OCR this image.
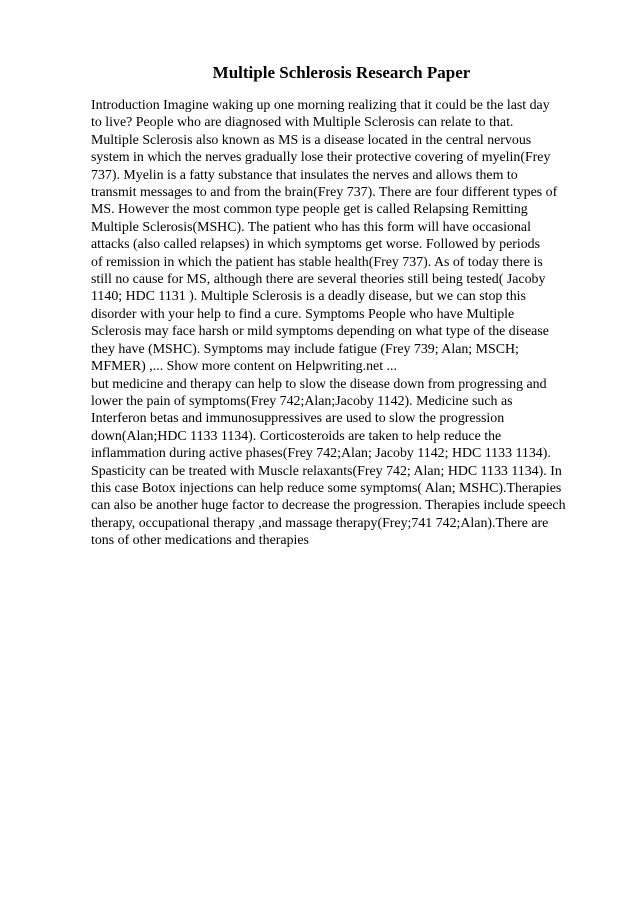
Multiple Schlerosis Research Paper
Introduction Imagine waking up one morning realizing that it could be the last day
to live? People who are diagnosed with Multiple Sclerosis can relate to that.
Multiple Sclerosis also known as MS is a disease located in the central nervous
system in which the nerves gradually lose their protective covering of myelin(Frey
737). Myelin is a fatty substance that insulates the nerves and allows them to
transmit messages to and from the brain(Frey 737). There are four different types of
MS. However the most common type people get is called Relapsing Remitting
Multiple Sclerosis(MSHC). The patient who has this form will have occasional
attacks (also called relapses) in which symptoms get worse. Followed by periods
of remission in which the patient has stable health(Frey 737). As of today there is
still no cause for MS, although there are several theories still being tested( Jacoby
1140; HDC 1131 ). Multiple Sclerosis is a deadly disease, but we can stop this
disorder with your help to find a cure. Symptoms People who have Multiple
Sclerosis may face harsh or mild symptoms depending on what type of the disease
they have (MSHC). Symptoms may include fatigue (Frey 739; Alan; MSCH;
MFMER) ,... Show more content on Helpwriting.net ...
but medicine and therapy can help to slow the disease down from progressing and
lower the pain of symptoms(Frey 742;Alan;Jacoby 1142). Medicine such as
Interferon betas and immunosuppressives are used to slow the progression
down(Alan;HDC 1133 1134). Corticosteroids are taken to help reduce the
inflammation during active phases(Frey 742;Alan; Jacoby 1142; HDC 1133 1134).
Spasticity can be treated with Muscle relaxants(Frey 742; Alan; HDC 1133 1134). In
this case Botox injections can help reduce some symptoms( Alan; MSHC).Therapies
can also be another huge factor to decrease the progression. Therapies include speech
therapy, occupational therapy ,and massage therapy(Frey;741 742;Alan).There are
tons of other medications and therapies
